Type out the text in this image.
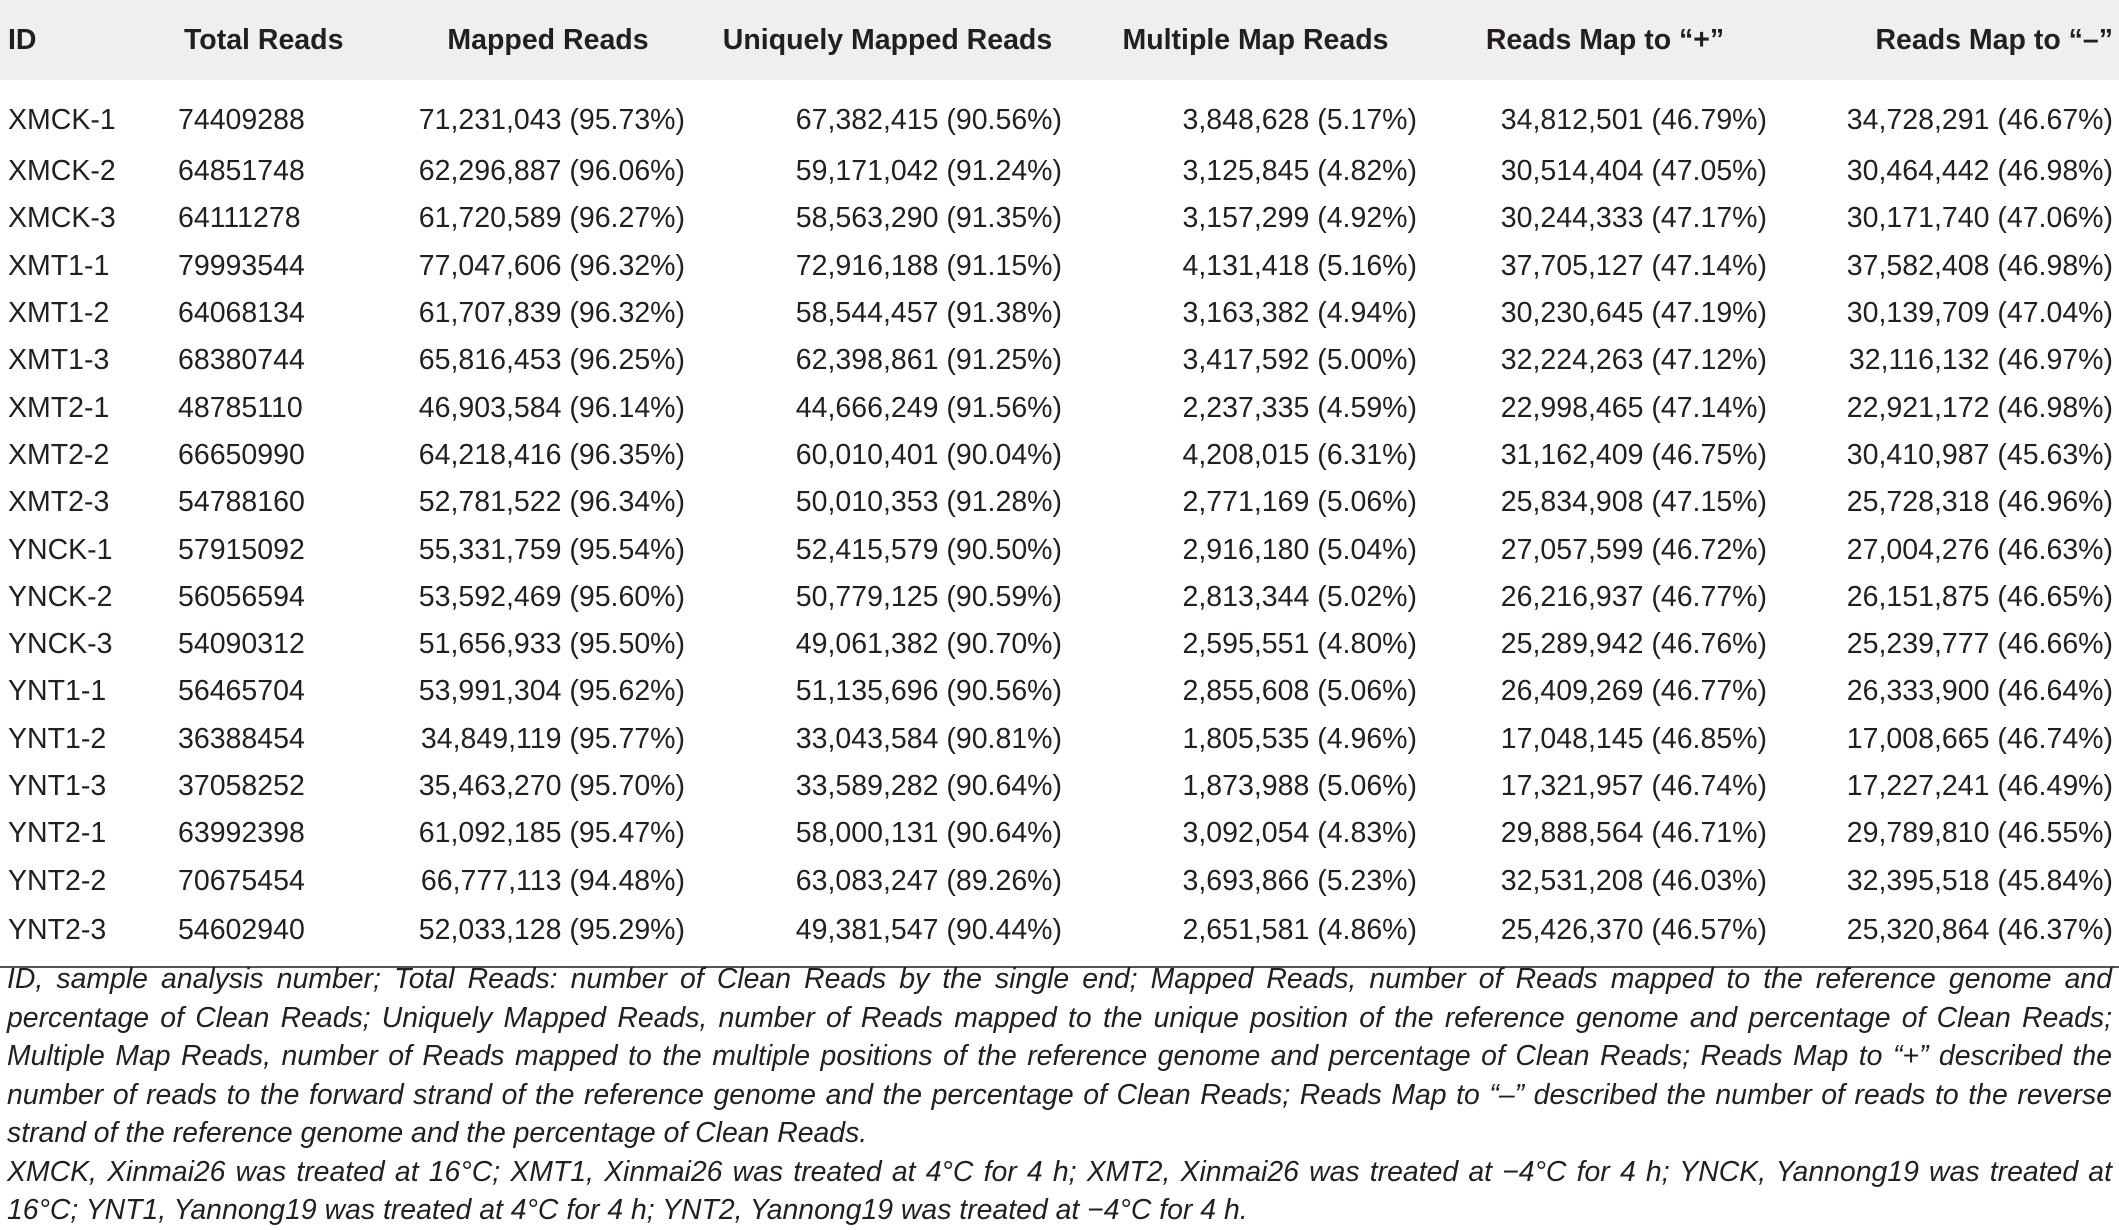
ID	Total Reads	Mapped Reads	Uniquely Mapped Reads	Multiple Map Reads	Reads Map to “+”	Reads Map to “–”
XMCK-1	74409288	71,231,043 (95.73%)	67,382,415 (90.56%)	3,848,628 (5.17%)	34,812,501 (46.79%)	34,728,291 (46.67%)
XMCK-2	64851748	62,296,887 (96.06%)	59,171,042 (91.24%)	3,125,845 (4.82%)	30,514,404 (47.05%)	30,464,442 (46.98%)
XMCK-3	64111278	61,720,589 (96.27%)	58,563,290 (91.35%)	3,157,299 (4.92%)	30,244,333 (47.17%)	30,171,740 (47.06%)
XMT1-1	79993544	77,047,606 (96.32%)	72,916,188 (91.15%)	4,131,418 (5.16%)	37,705,127 (47.14%)	37,582,408 (46.98%)
XMT1-2	64068134	61,707,839 (96.32%)	58,544,457 (91.38%)	3,163,382 (4.94%)	30,230,645 (47.19%)	30,139,709 (47.04%)
XMT1-3	68380744	65,816,453 (96.25%)	62,398,861 (91.25%)	3,417,592 (5.00%)	32,224,263 (47.12%)	32,116,132 (46.97%)
XMT2-1	48785110	46,903,584 (96.14%)	44,666,249 (91.56%)	2,237,335 (4.59%)	22,998,465 (47.14%)	22,921,172 (46.98%)
XMT2-2	66650990	64,218,416 (96.35%)	60,010,401 (90.04%)	4,208,015 (6.31%)	31,162,409 (46.75%)	30,410,987 (45.63%)
XMT2-3	54788160	52,781,522 (96.34%)	50,010,353 (91.28%)	2,771,169 (5.06%)	25,834,908 (47.15%)	25,728,318 (46.96%)
YNCK-1	57915092	55,331,759 (95.54%)	52,415,579 (90.50%)	2,916,180 (5.04%)	27,057,599 (46.72%)	27,004,276 (46.63%)
YNCK-2	56056594	53,592,469 (95.60%)	50,779,125 (90.59%)	2,813,344 (5.02%)	26,216,937 (46.77%)	26,151,875 (46.65%)
YNCK-3	54090312	51,656,933 (95.50%)	49,061,382 (90.70%)	2,595,551 (4.80%)	25,289,942 (46.76%)	25,239,777 (46.66%)
YNT1-1	56465704	53,991,304 (95.62%)	51,135,696 (90.56%)	2,855,608 (5.06%)	26,409,269 (46.77%)	26,333,900 (46.64%)
YNT1-2	36388454	34,849,119 (95.77%)	33,043,584 (90.81%)	1,805,535 (4.96%)	17,048,145 (46.85%)	17,008,665 (46.74%)
YNT1-3	37058252	35,463,270 (95.70%)	33,589,282 (90.64%)	1,873,988 (5.06%)	17,321,957 (46.74%)	17,227,241 (46.49%)
YNT2-1	63992398	61,092,185 (95.47%)	58,000,131 (90.64%)	3,092,054 (4.83%)	29,888,564 (46.71%)	29,789,810 (46.55%)
YNT2-2	70675454	66,777,113 (94.48%)	63,083,247 (89.26%)	3,693,866 (5.23%)	32,531,208 (46.03%)	32,395,518 (45.84%)
YNT2-3	54602940	52,033,128 (95.29%)	49,381,547 (90.44%)	2,651,581 (4.86%)	25,426,370 (46.57%)	25,320,864 (46.37%)

ID, sample analysis number; Total Reads: number of Clean Reads by the single end; Mapped Reads, number of Reads mapped to the reference genome and percentage of Clean Reads; Uniquely Mapped Reads, number of Reads mapped to the unique position of the reference genome and percentage of Clean Reads; Multiple Map Reads, number of Reads mapped to the multiple positions of the reference genome and percentage of Clean Reads; Reads Map to “+” described the number of reads to the forward strand of the reference genome and the percentage of Clean Reads; Reads Map to “–” described the number of reads to the reverse strand of the reference genome and the percentage of Clean Reads.

XMCK, Xinmai26 was treated at 16°C; XMT1, Xinmai26 was treated at 4°C for 4 h; XMT2, Xinmai26 was treated at −4°C for 4 h; YNCK, Yannong19 was treated at 16°C; YNT1, Yannong19 was treated at 4°C for 4 h; YNT2, Yannong19 was treated at −4°C for 4 h.
